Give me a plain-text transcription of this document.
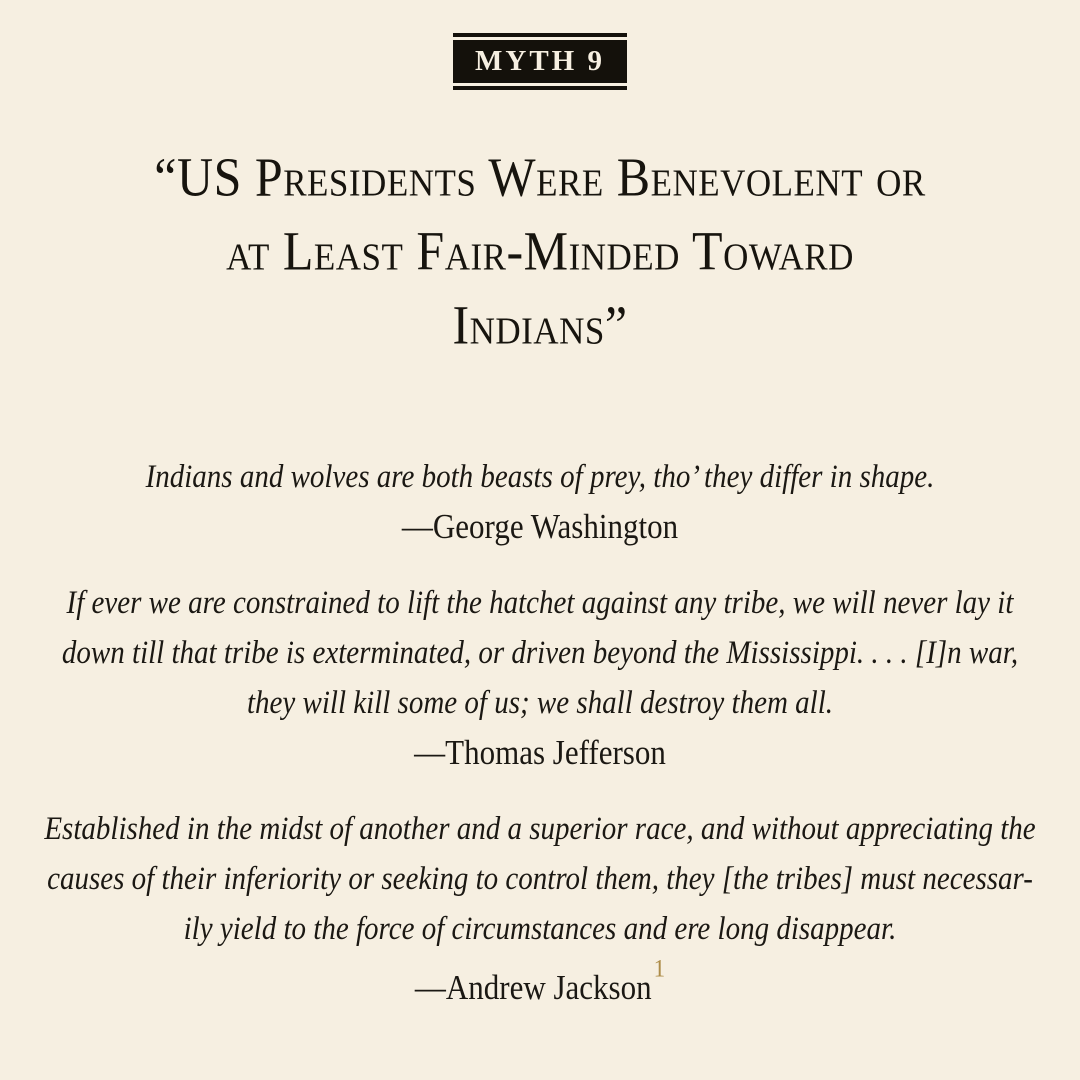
MYTH 9
“US Presidents Were Benevolent or
at Least Fair-Minded Toward
Indians”
Indians and wolves are both beasts of prey, tho’ they differ in shape.
—George Washington
If ever we are constrained to lift the hatchet against any tribe, we will never lay it
down till that tribe is exterminated, or driven beyond the Mississippi. . . . [I]n war,
they will kill some of us; we shall destroy them all.
—Thomas Jefferson
Established in the midst of another and a superior race, and without appreciating the
causes of their inferiority or seeking to control them, they [the tribes] must necessar-
ily yield to the force of circumstances and ere long disappear.
—Andrew Jackson$^1$
